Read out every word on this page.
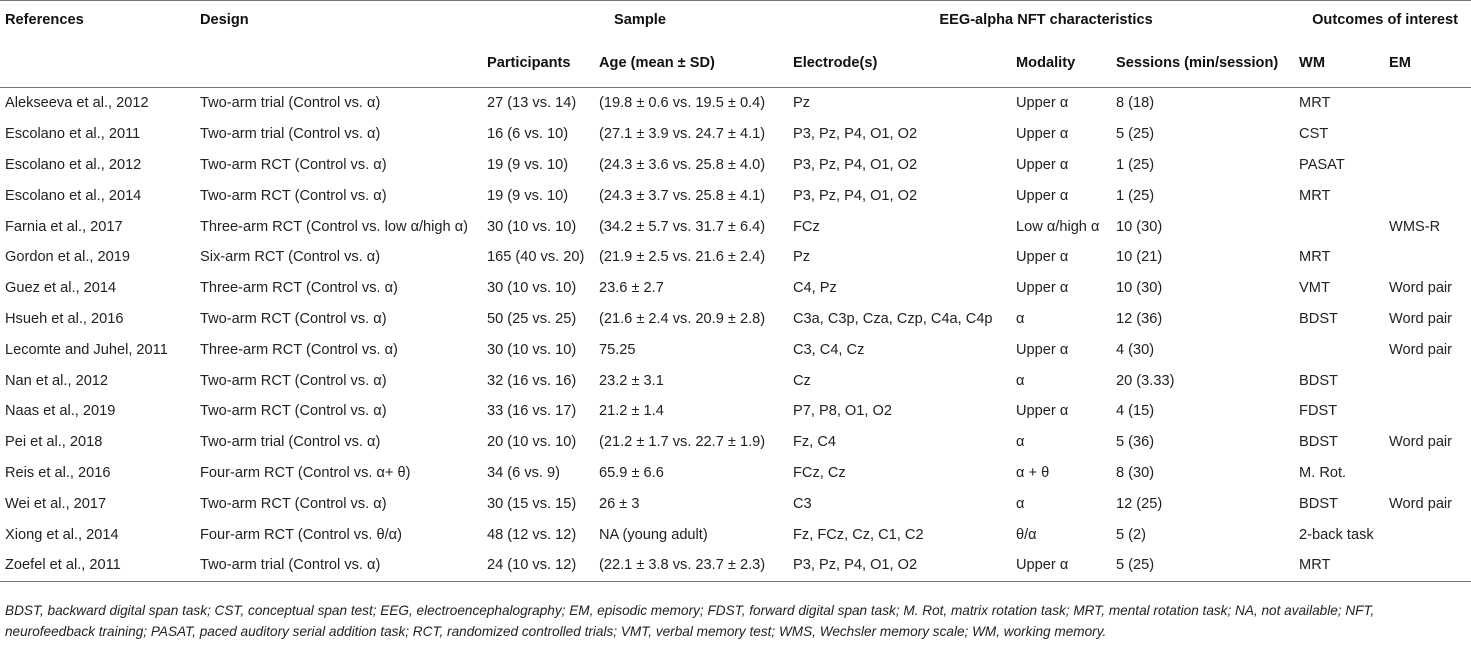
References	Design	Sample		EEG-alpha NFT characteristics			Outcomes of interest	
		Participants	Age (mean ± SD)	Electrode(s)	Modality	Sessions (min/session)	WM	EM
Alekseeva et al., 2012	Two-arm trial (Control vs. α)	27 (13 vs. 14)	(19.8 ± 0.6 vs. 19.5 ± 0.4)	Pz	Upper α	8 (18)	MRT	
Escolano et al., 2011	Two-arm trial (Control vs. α)	16 (6 vs. 10)	(27.1 ± 3.9 vs. 24.7 ± 4.1)	P3, Pz, P4, O1, O2	Upper α	5 (25)	CST	
Escolano et al., 2012	Two-arm RCT (Control vs. α)	19 (9 vs. 10)	(24.3 ± 3.6 vs. 25.8 ± 4.0)	P3, Pz, P4, O1, O2	Upper α	1 (25)	PASAT	
Escolano et al., 2014	Two-arm RCT (Control vs. α)	19 (9 vs. 10)	(24.3 ± 3.7 vs. 25.8 ± 4.1)	P3, Pz, P4, O1, O2	Upper α	1 (25)	MRT	
Farnia et al., 2017	Three-arm RCT (Control vs. low α/high α)	30 (10 vs. 10)	(34.2 ± 5.7 vs. 31.7 ± 6.4)	FCz	Low α/high α	10 (30)		WMS-R
Gordon et al., 2019	Six-arm RCT (Control vs. α)	165 (40 vs. 20)	(21.9 ± 2.5 vs. 21.6 ± 2.4)	Pz	Upper α	10 (21)	MRT	
Guez et al., 2014	Three-arm RCT (Control vs. α)	30 (10 vs. 10)	23.6 ± 2.7	C4, Pz	Upper α	10 (30)	VMT	Word pair
Hsueh et al., 2016	Two-arm RCT (Control vs. α)	50 (25 vs. 25)	(21.6 ± 2.4 vs. 20.9 ± 2.8)	C3a, C3p, Cza, Czp, C4a, C4p	α	12 (36)	BDST	Word pair
Lecomte and Juhel, 2011	Three-arm RCT (Control vs. α)	30 (10 vs. 10)	75.25	C3, C4, Cz	Upper α	4 (30)		Word pair
Nan et al., 2012	Two-arm RCT (Control vs. α)	32 (16 vs. 16)	23.2 ± 3.1	Cz	α	20 (3.33)	BDST	
Naas et al., 2019	Two-arm RCT (Control vs. α)	33 (16 vs. 17)	21.2 ± 1.4	P7, P8, O1, O2	Upper α	4 (15)	FDST	
Pei et al., 2018	Two-arm trial (Control vs. α)	20 (10 vs. 10)	(21.2 ± 1.7 vs. 22.7 ± 1.9)	Fz, C4	α	5 (36)	BDST	Word pair
Reis et al., 2016	Four-arm RCT (Control vs. α+ θ)	34 (6 vs. 9)	65.9 ± 6.6	FCz, Cz	α + θ	8 (30)	M. Rot.	
Wei et al., 2017	Two-arm RCT (Control vs. α)	30 (15 vs. 15)	26 ± 3	C3	α	12 (25)	BDST	Word pair
Xiong et al., 2014	Four-arm RCT (Control vs. θ/α)	48 (12 vs. 12)	NA (young adult)	Fz, FCz, Cz, C1, C2	θ/α	5 (2)	2-back task	
Zoefel et al., 2011	Two-arm trial (Control vs. α)	24 (10 vs. 12)	(22.1 ± 3.8 vs. 23.7 ± 2.3)	P3, Pz, P4, O1, O2	Upper α	5 (25)	MRT	
BDST, backward digital span task; CST, conceptual span test; EEG, electroencephalography; EM, episodic memory; FDST, forward digital span task; M. Rot, matrix rotation task; MRT, mental rotation task; NA, not available; NFT, neurofeedback training; PASAT, paced auditory serial addition task; RCT, randomized controlled trials; VMT, verbal memory test; WMS, Wechsler memory scale; WM, working memory.
